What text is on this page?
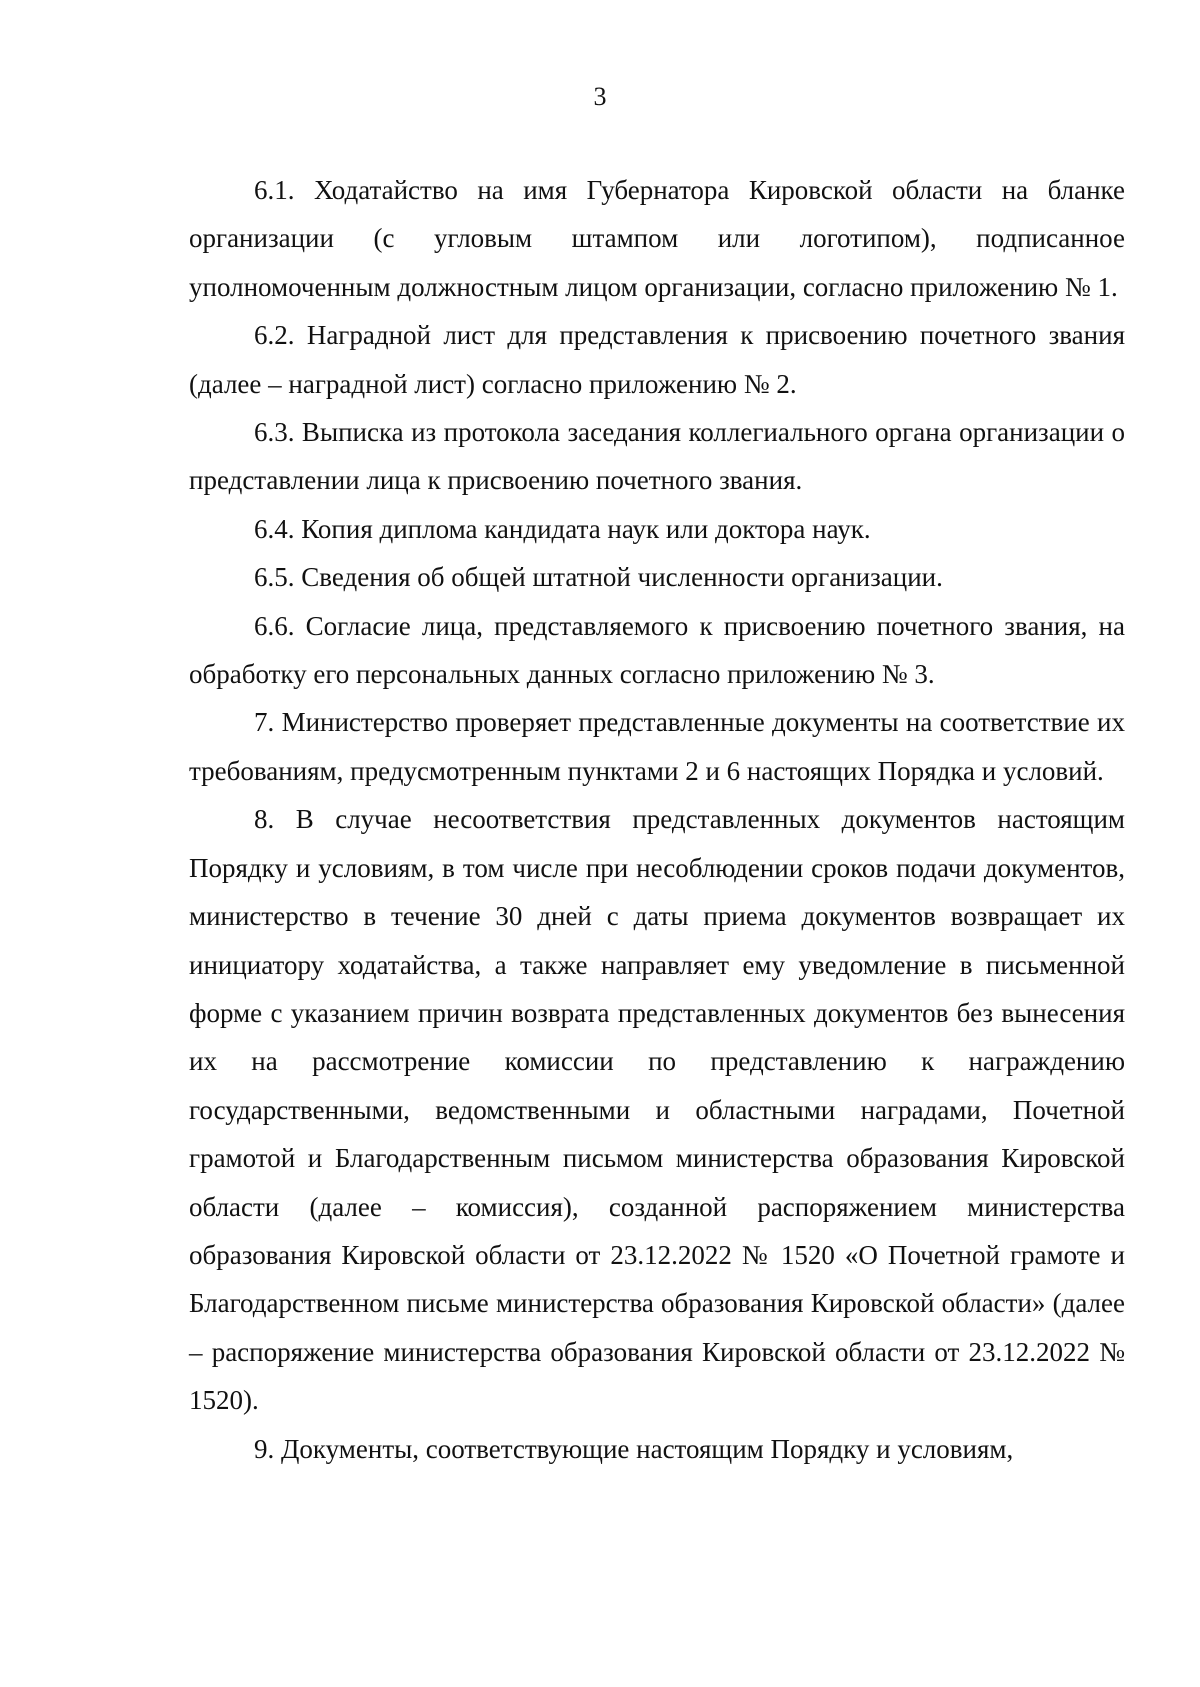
3

6.1. Ходатайство на имя Губернатора Кировской области на бланке организации (с угловым штампом или логотипом), подписанное уполномоченным должностным лицом организации, согласно приложению № 1.

6.2. Наградной лист для представления к присвоению почетного звания (далее – наградной лист) согласно приложению № 2.

6.3. Выписка из протокола заседания коллегиального органа организации о представлении лица к присвоению почетного звания.

6.4. Копия диплома кандидата наук или доктора наук.

6.5. Сведения об общей штатной численности организации.

6.6. Согласие лица, представляемого к присвоению почетного звания, на обработку его персональных данных согласно приложению № 3.

7. Министерство проверяет представленные документы на соответствие их требованиям, предусмотренным пунктами 2 и 6 настоящих Порядка и условий.

8. В случае несоответствия представленных документов настоящим Порядку и условиям, в том числе при несоблюдении сроков подачи документов, министерство в течение 30 дней с даты приема документов возвращает их инициатору ходатайства, а также направляет ему уведомление в письменной форме с указанием причин возврата представленных документов без вынесения их на рассмотрение комиссии по представлению к награждению государственными, ведомственными и областными наградами, Почетной грамотой и Благодарственным письмом министерства образования Кировской области (далее – комиссия), созданной распоряжением министерства образования Кировской области от 23.12.2022 № 1520 «О Почетной грамоте и Благодарственном письме министерства образования Кировской области» (далее – распоряжение министерства образования Кировской области от 23.12.2022 № 1520).

9. Документы, соответствующие настоящим Порядку и условиям,
